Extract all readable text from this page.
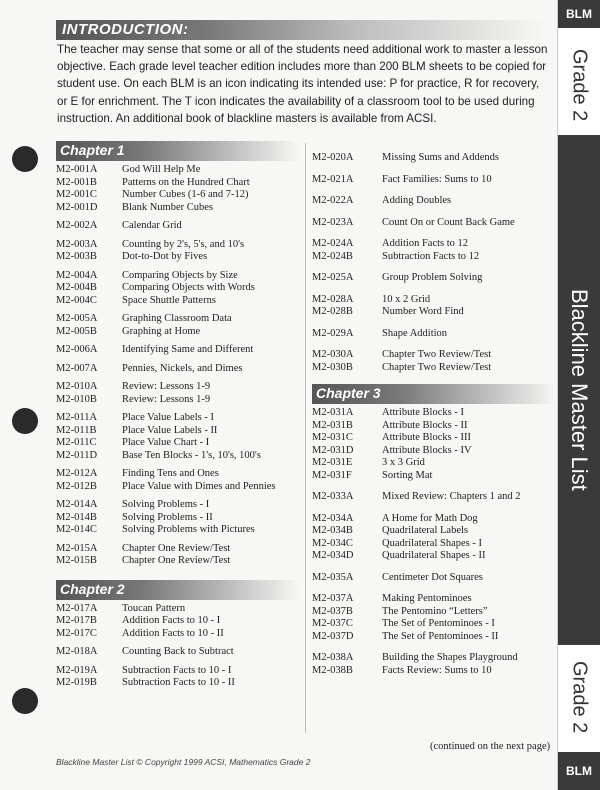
INTRODUCTION:
The teacher may sense that some or all of the students need additional work to master a lesson objective. Each grade level teacher edition includes more than 200 BLM sheets to be copied for student use. On each BLM is an icon indicating its intended use: P for practice, R for recovery, or E for enrichment. The T icon indicates the availability of a classroom tool to be used during instruction. An additional book of blackline masters is available from ACSI.
Chapter 1
M2-001A	God Will Help Me
M2-001B	Patterns on the Hundred Chart
M2-001C	Number Cubes (1-6 and 7-12)
M2-001D	Blank Number Cubes
M2-002A	Calendar Grid
M2-003A	Counting by 2's, 5's, and 10's
M2-003B	Dot-to-Dot by Fives
M2-004A	Comparing Objects by Size
M2-004B	Comparing Objects with Words
M2-004C	Space Shuttle Patterns
M2-005A	Graphing Classroom Data
M2-005B	Graphing at Home
M2-006A	Identifying Same and Different
M2-007A	Pennies, Nickels, and Dimes
M2-010A	Review: Lessons 1-9
M2-010B	Review: Lessons 1-9
M2-011A	Place Value Labels - I
M2-011B	Place Value Labels - II
M2-011C	Place Value Chart - I
M2-011D	Base Ten Blocks - 1's, 10's, 100's
M2-012A	Finding Tens and Ones
M2-012B	Place Value with Dimes and Pennies
M2-014A	Solving Problems - I
M2-014B	Solving Problems - II
M2-014C	Solving Problems with Pictures
M2-015A	Chapter One Review/Test
M2-015B	Chapter One Review/Test
Chapter 2
M2-017A	Toucan Pattern
M2-017B	Addition Facts to 10 - I
M2-017C	Addition Facts to 10 - II
M2-018A	Counting Back to Subtract
M2-019A	Subtraction Facts to 10 - I
M2-019B	Subtraction Facts to 10 - II
M2-020A	Missing Sums and Addends
M2-021A	Fact Families: Sums to 10
M2-022A	Adding Doubles
M2-023A	Count On or Count Back Game
M2-024A	Addition Facts to 12
M2-024B	Subtraction Facts to 12
M2-025A	Group Problem Solving
M2-028A	10 x 2 Grid
M2-028B	Number Word Find
M2-029A	Shape Addition
M2-030A	Chapter Two Review/Test
M2-030B	Chapter Two Review/Test
Chapter 3
M2-031A	Attribute Blocks - I
M2-031B	Attribute Blocks - II
M2-031C	Attribute Blocks - III
M2-031D	Attribute Blocks - IV
M2-031E	3 x 3 Grid
M2-031F	Sorting Mat
M2-033A	Mixed Review: Chapters 1 and 2
M2-034A	A Home for Math Dog
M2-034B	Quadrilateral Labels
M2-034C	Quadrilateral Shapes - I
M2-034D	Quadrilateral Shapes - II
M2-035A	Centimeter Dot Squares
M2-037A	Making Pentominoes
M2-037B	The Pentomino “Letters”
M2-037C	The Set of Pentominoes - I
M2-037D	The Set of Pentominoes - II
M2-038A	Building the Shapes Playground
M2-038B	Facts Review: Sums to 10
(continued on the next page)
Blackline Master List © Copyright 1999 ACSI, Mathematics Grade 2
BLM
Grade 2
Blackline Master List
Grade 2
BLM
